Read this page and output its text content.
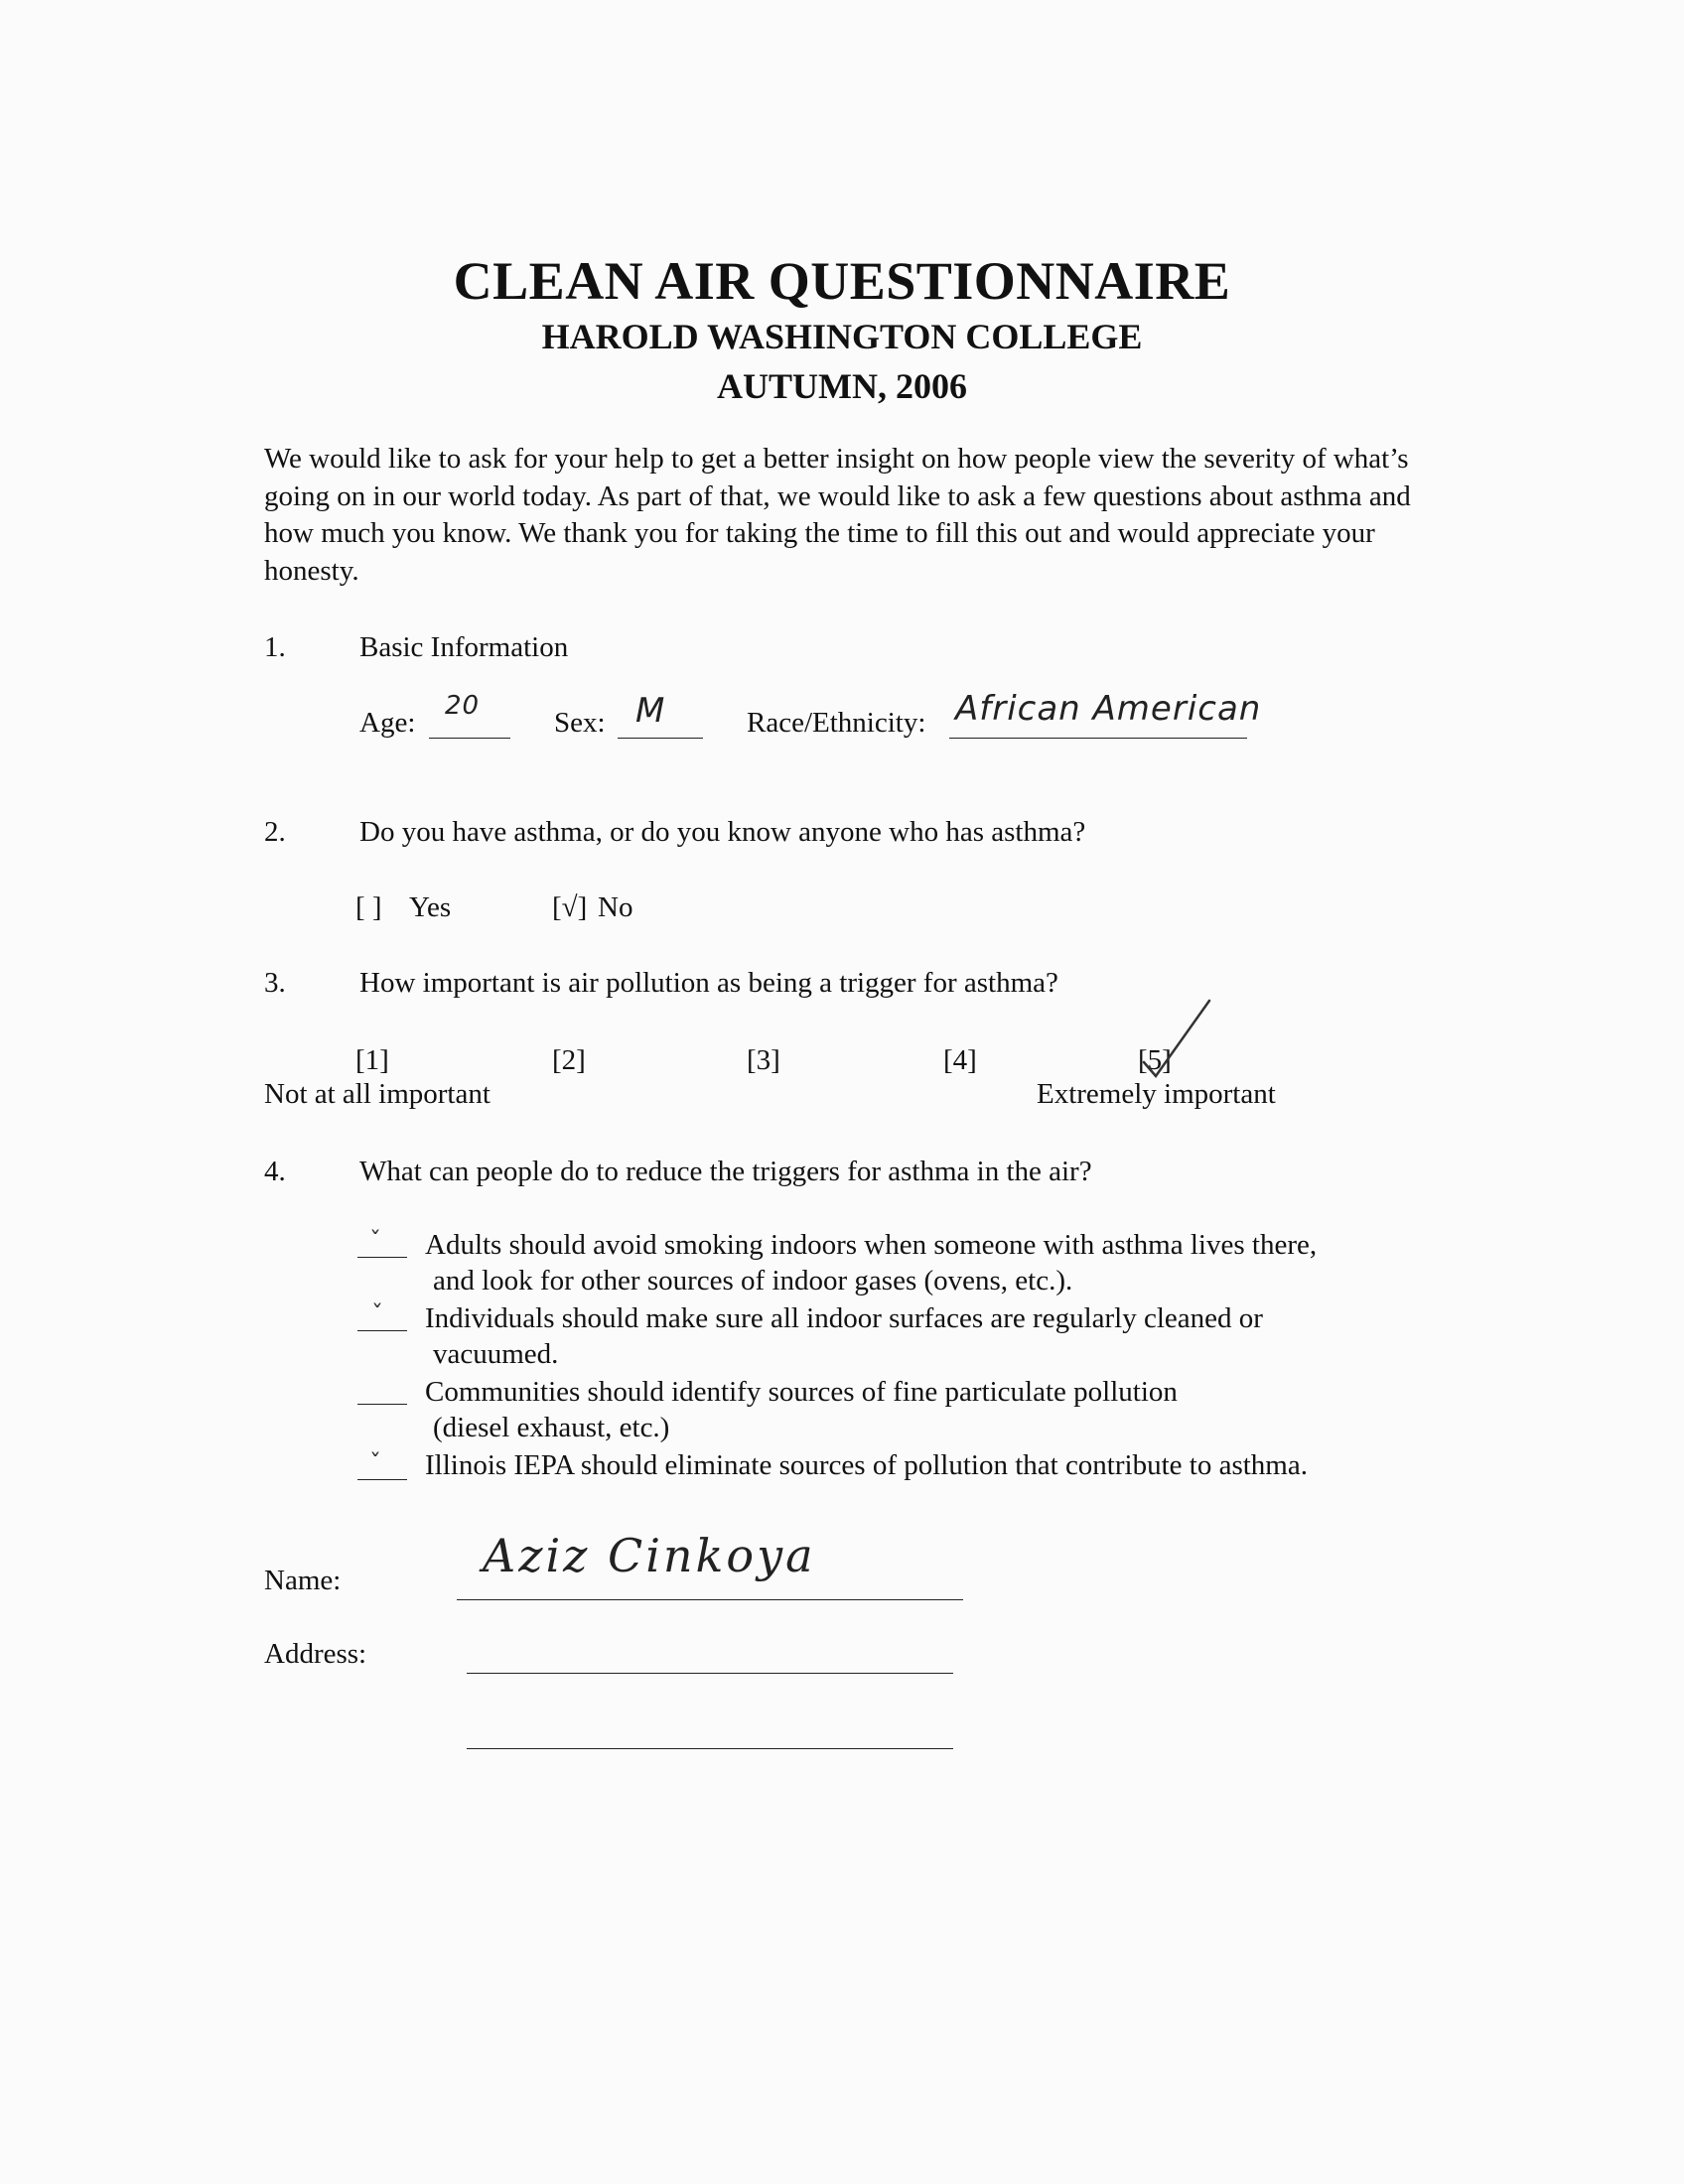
CLEAN AIR QUESTIONNAIRE
HAROLD WASHINGTON COLLEGE
AUTUMN, 2006
We would like to ask for your help to get a better insight on how people view the severity of what’s going on in our world today. As part of that, we would like to ask a few questions about asthma and how much you know. We thank you for taking the time to fill this out and would appreciate your honesty.
1.	Basic Information
Age:
20
Sex: M	Race/Ethnicity: African American
2.	Do you have asthma, or do you know anyone who has asthma?
[ ] Yes	[√] No
3.	How important is air pollution as being a trigger for asthma?
[1]	[2]	[3]	[4]	[5]
Not at all important	Extremely important
4.	What can people do to reduce the triggers for asthma in the air?
ˇ Adults should avoid smoking indoors when someone with asthma lives there,
and look for other sources of indoor gases (ovens, etc.).
ˇ Individuals should make sure all indoor surfaces are regularly cleaned or
vacuumed.
Communities should identify sources of fine particulate pollution
(diesel exhaust, etc.)
ˇ Illinois IEPA should eliminate sources of pollution that contribute to asthma.
Name:	Aziz Cinkoya
Address:
